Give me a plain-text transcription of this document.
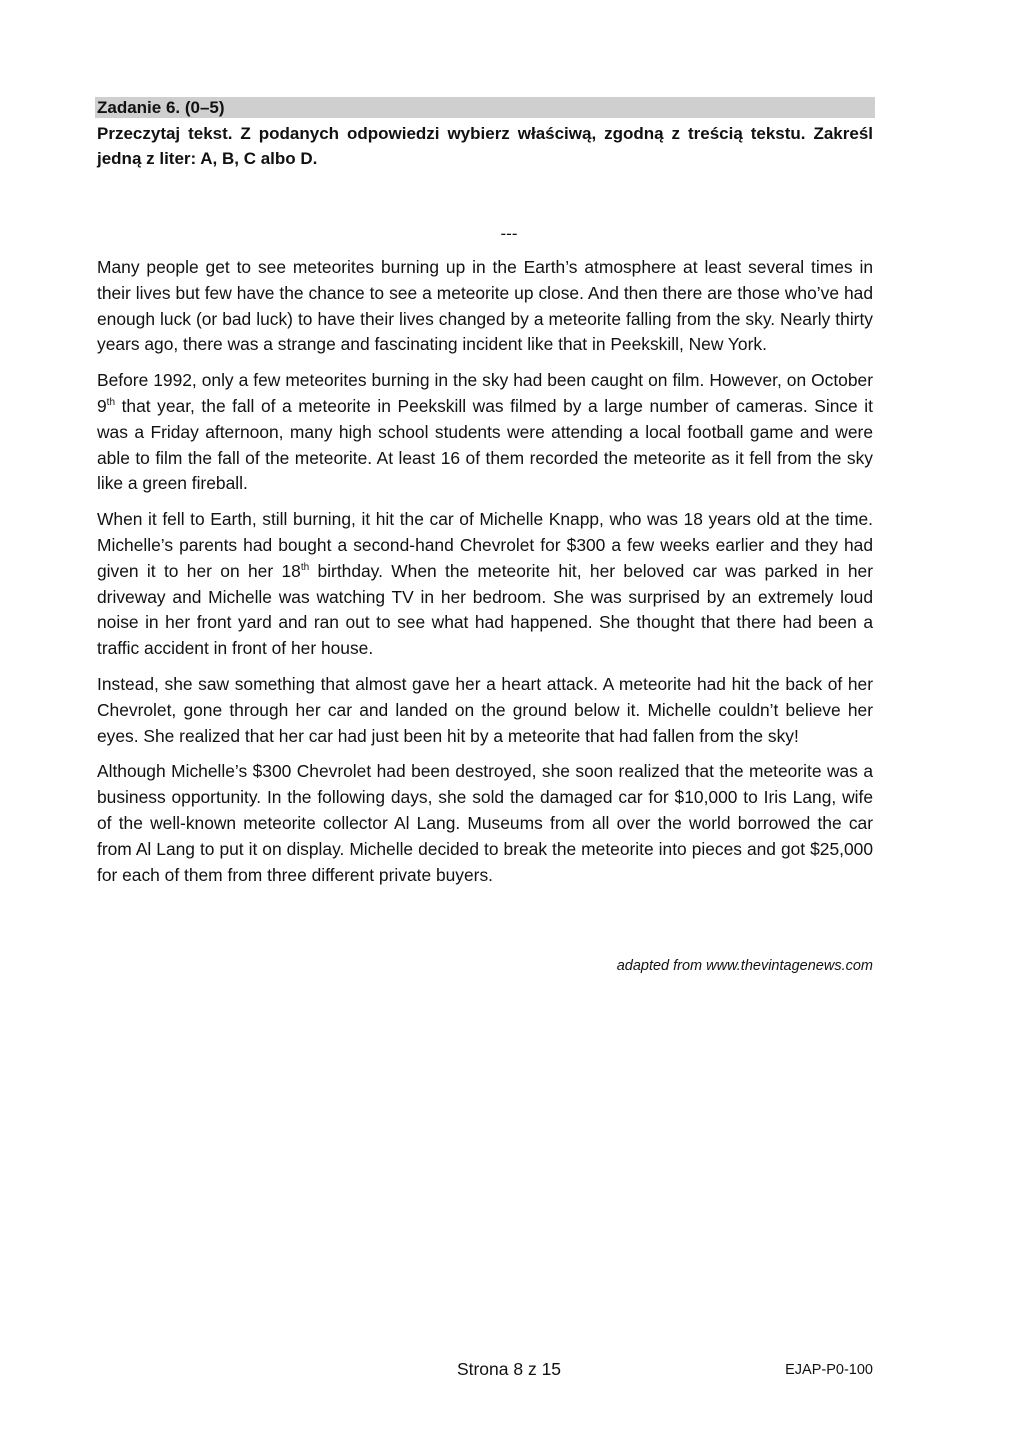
Zadanie 6. (0–5)

Przeczytaj tekst. Z podanych odpowiedzi wybierz właściwą, zgodną z treścią tekstu. Zakreśl jedną z liter: A, B, C albo D.

---

Many people get to see meteorites burning up in the Earth’s atmosphere at least several times in their lives but few have the chance to see a meteorite up close. And then there are those who’ve had enough luck (or bad luck) to have their lives changed by a meteorite falling from the sky. Nearly thirty years ago, there was a strange and fascinating incident like that in Peekskill, New York.

Before 1992, only a few meteorites burning in the sky had been caught on film. However, on October 9th that year, the fall of a meteorite in Peekskill was filmed by a large number of cameras. Since it was a Friday afternoon, many high school students were attending a local football game and were able to film the fall of the meteorite. At least 16 of them recorded the meteorite as it fell from the sky like a green fireball.

When it fell to Earth, still burning, it hit the car of Michelle Knapp, who was 18 years old at the time. Michelle’s parents had bought a second-hand Chevrolet for $300 a few weeks earlier and they had given it to her on her 18th birthday. When the meteorite hit, her beloved car was parked in her driveway and Michelle was watching TV in her bedroom. She was surprised by an extremely loud noise in her front yard and ran out to see what had happened. She thought that there had been a traffic accident in front of her house.

Instead, she saw something that almost gave her a heart attack. A meteorite had hit the back of her Chevrolet, gone through her car and landed on the ground below it. Michelle couldn’t believe her eyes. She realized that her car had just been hit by a meteorite that had fallen from the sky!

Although Michelle’s $300 Chevrolet had been destroyed, she soon realized that the meteorite was a business opportunity. In the following days, she sold the damaged car for $10,000 to Iris Lang, wife of the well-known meteorite collector Al Lang. Museums from all over the world borrowed the car from Al Lang to put it on display. Michelle decided to break the meteorite into pieces and got $25,000 for each of them from three different private buyers.

adapted from www.thevintagenews.com
Strona 8 z 15	EJAP-P0-100
